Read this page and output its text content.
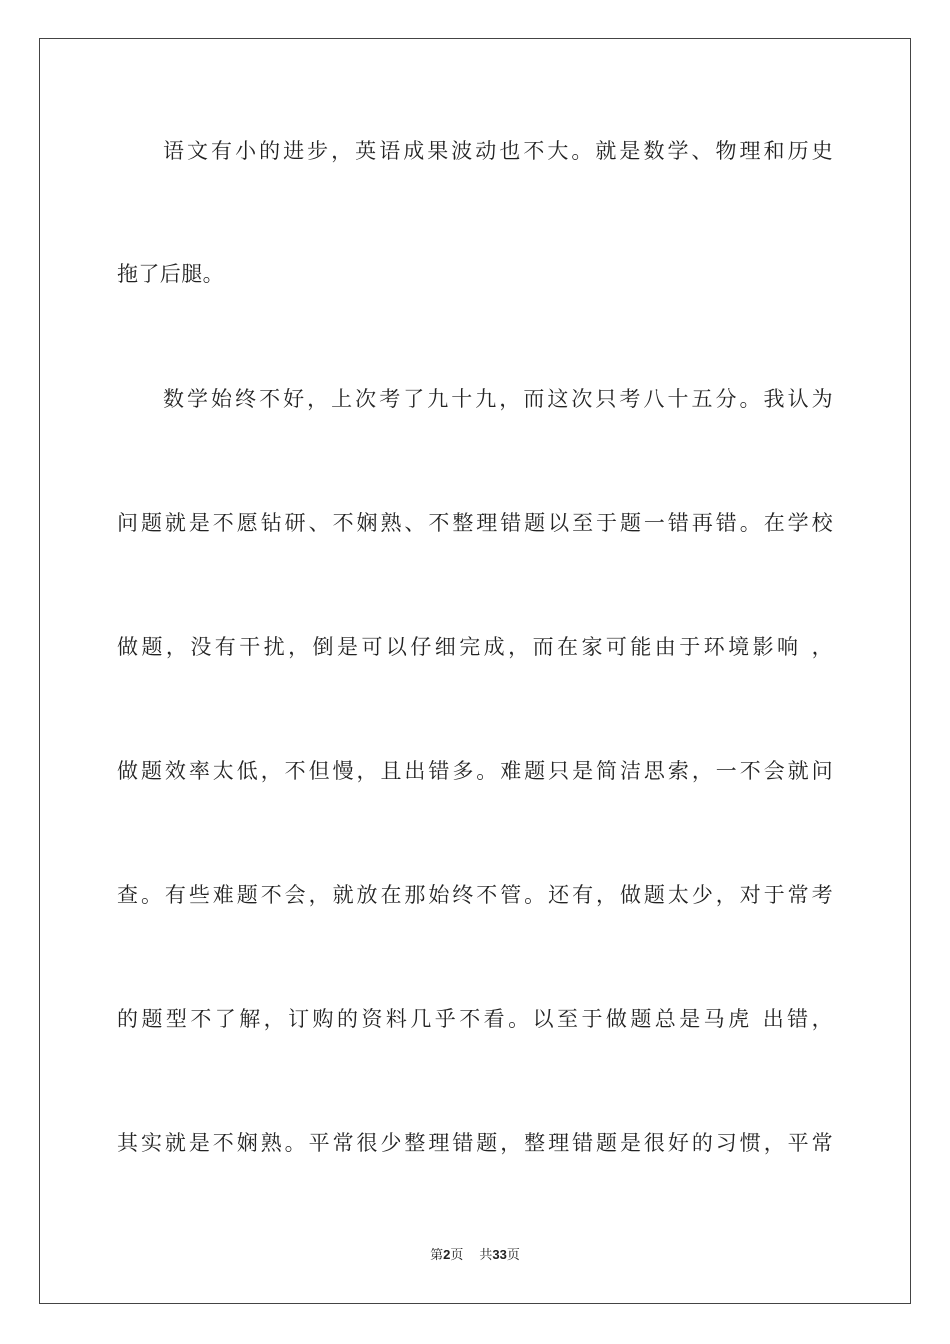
语文有小的进步，英语成果波动也不大。就是数学、物理和历史
拖了后腿。
数学始终不好，上次考了九十九，而这次只考八十五分。我认为
问题就是不愿钻研、不娴熟、不整理错题以至于题一错再错。在学校
做题，没有干扰，倒是可以仔细完成，而在家可能由于环境影响 ，
做题效率太低，不但慢，且出错多。难题只是简洁思索，一不会就问
查。有些难题不会，就放在那始终不管。还有，做题太少，对于常考
的题型不了解，订购的资料几乎不看。以至于做题总是马虎 出错，
其实就是不娴熟。平常很少整理错题，整理错题是很好的习惯，平常
第2页 共33页
